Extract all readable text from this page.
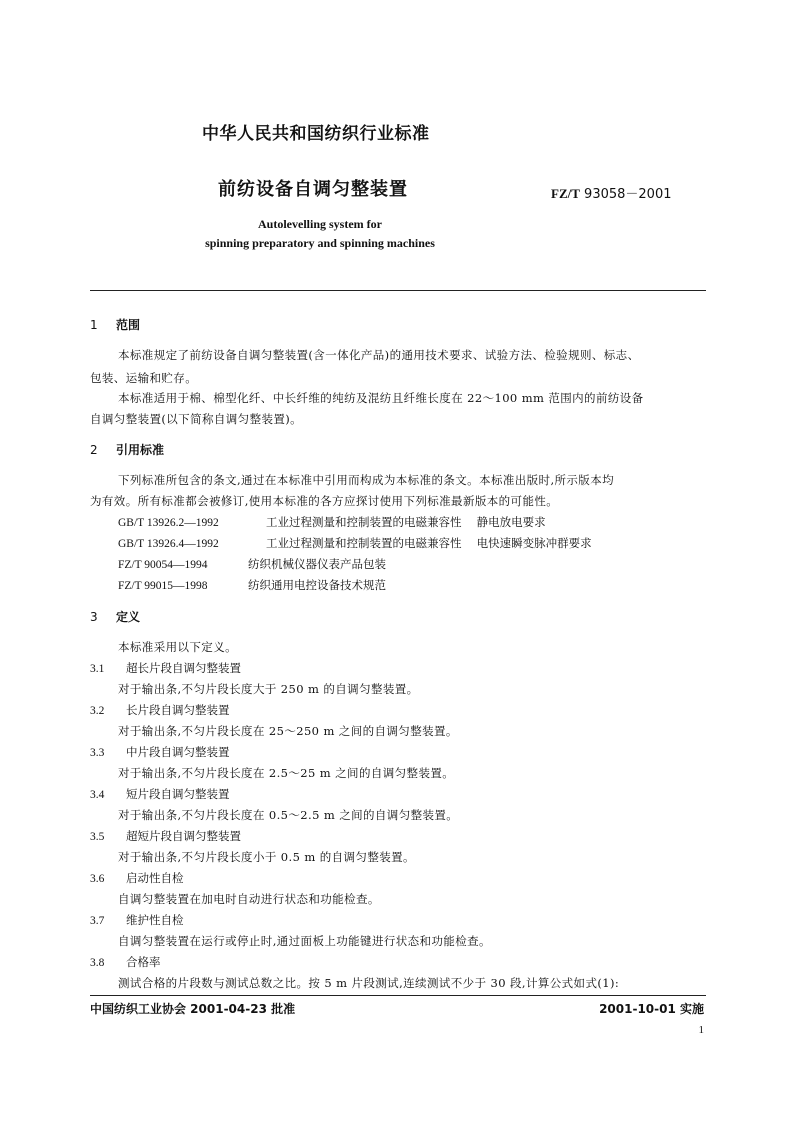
中华人民共和国纺织行业标准
前纺设备自调匀整装置	FZ/T 93058－2001
Autolevelling system for
spinning preparatory and spinning machines
1 范围
本标准规定了前纺设备自调匀整装置(含一体化产品)的通用技术要求、试验方法、检验规则、标志、
包装、运输和贮存。
本标准适用于棉、棉型化纤、中长纤维的纯纺及混纺且纤维长度在 22～100 mm 范围内的前纺设备
自调匀整装置(以下简称自调匀整装置)。
2 引用标准
下列标准所包含的条文,通过在本标准中引用而构成为本标准的条文。本标准出版时,所示版本均
为有效。所有标准都会被修订,使用本标准的各方应探讨使用下列标准最新版本的可能性。
GB/T 13926.2—1992	工业过程测量和控制装置的电磁兼容性　 静电放电要求
GB/T 13926.4—1992	工业过程测量和控制装置的电磁兼容性　 电快速瞬变脉冲群要求
FZ/T 90054—1994	纺织机械仪器仪表产品包装
FZ/T 99015—1998	纺织通用电控设备技术规范
3 定义
本标准采用以下定义。
3.1 超长片段自调匀整装置
对于输出条,不匀片段长度大于 250 m 的自调匀整装置。
3.2 长片段自调匀整装置
对于输出条,不匀片段长度在 25～250 m 之间的自调匀整装置。
3.3 中片段自调匀整装置
对于输出条,不匀片段长度在 2.5～25 m 之间的自调匀整装置。
3.4 短片段自调匀整装置
对于输出条,不匀片段长度在 0.5～2.5 m 之间的自调匀整装置。
3.5 超短片段自调匀整装置
对于输出条,不匀片段长度小于 0.5 m 的自调匀整装置。
3.6 启动性自检
自调匀整装置在加电时自动进行状态和功能检查。
3.7 维护性自检
自调匀整装置在运行或停止时,通过面板上功能键进行状态和功能检查。
3.8 合格率
测试合格的片段数与测试总数之比。按 5 m 片段测试,连续测试不少于 30 段,计算公式如式(1):
中国纺织工业协会 2001-04-23 批准	2001-10-01 实施
1
